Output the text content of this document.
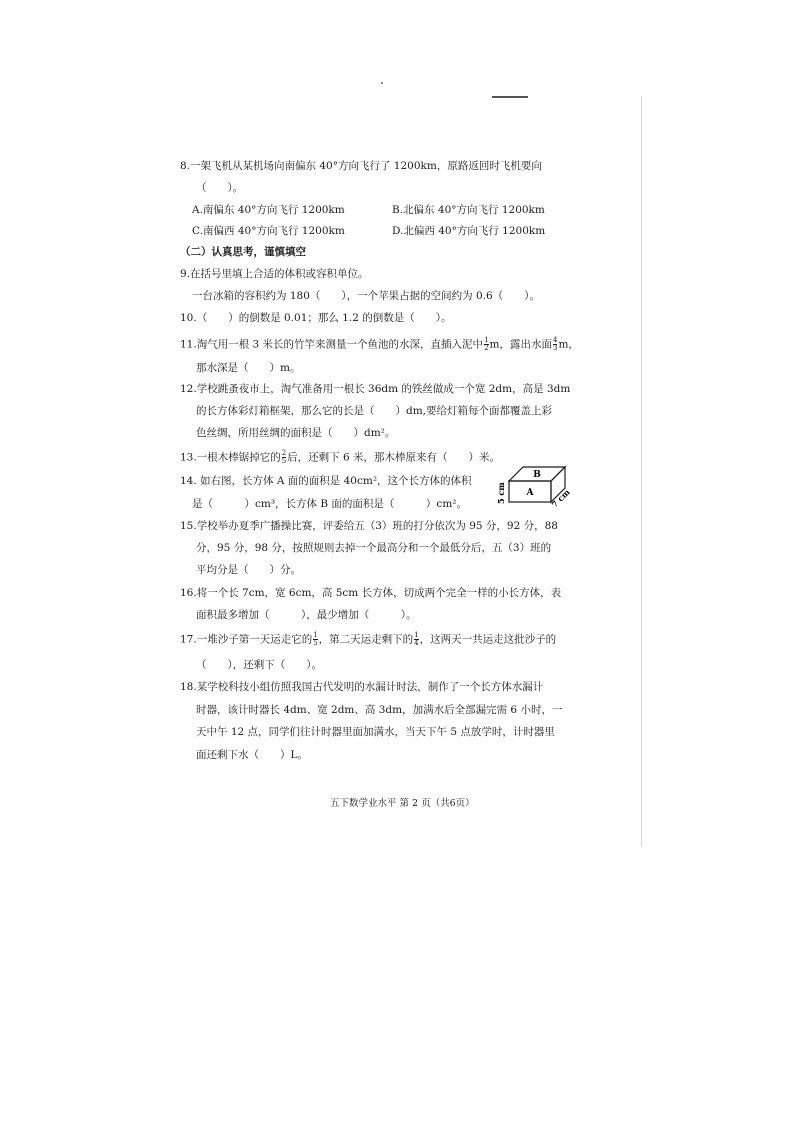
8.一架飞机从某机场向南偏东 40°方向飞行了 1200km，原路返回时飞机要向
（　　）。
A.南偏东 40°方向飞行 1200km	B.北偏东 40°方向飞行 1200km
C.南偏西 40°方向飞行 1200km	D.北偏西 40°方向飞行 1200km
（二）认真思考，谨慎填空
9.在括号里填上合适的体积或容积单位。
一台冰箱的容积约为 180（　　），一个苹果占据的空间约为 0.6（　　）。
10.（　　）的倒数是 0.01；那么 1.2 的倒数是（　　）。
11.淘气用一根 3 米长的竹竿来测量一个鱼池的水深，直插入泥中 $\frac{1}{2}$ m，露出水面 $\frac{4}{3}$ m，
那水深是（　　）m。
12.学校跳蚤夜市上，淘气准备用一根长 36dm 的铁丝做成一个宽 2dm，高是 3dm
的长方体彩灯箱框架，那么它的长是（　　）dm,要给灯箱每个面都覆盖上彩
色丝绸，所用丝绸的面积是（　　）dm²。
13.一根木棒锯掉它的 $\frac{2}{5}$ 后，还剩下 6 米，那木棒原来有（　　）米。
14. 如右图，长方体 A 面的面积是 40cm²，这个长方体的体积
是（　　　）cm³，长方体 B 面的面积是（　　　）cm²。
15.学校举办夏季广播操比赛，评委给五（3）班的打分依次为 95 分，92 分，88
分，95 分，98 分，按照规则去掉一个最高分和一个最低分后，五（3）班的
平均分是（　　）分。
16.将一个长 7cm，宽 6cm，高 5cm 长方体，切成两个完全一样的小长方体，表
面积最多增加（　　　），最少增加（　　　）。
17.一堆沙子第一天运走它的 $\frac{1}{5}$ ，第二天运走剩下的 $\frac{1}{4}$ ，这两天一共运走这批沙子的
（　　），还剩下（　　）。
18.某学校科技小组仿照我国古代发明的水漏计时法，制作了一个长方体水漏计
时器，该计时器长 4dm、宽 2dm、高 3dm，加满水后全部漏完需 6 小时，一
天中午 12 点，同学们往计时器里面加满水，当天下午 5 点放学时，计时器里
面还剩下水（　　）L。
A
B
5 cm	7 cm
五下数学业水平 第 2 页（共6页）
